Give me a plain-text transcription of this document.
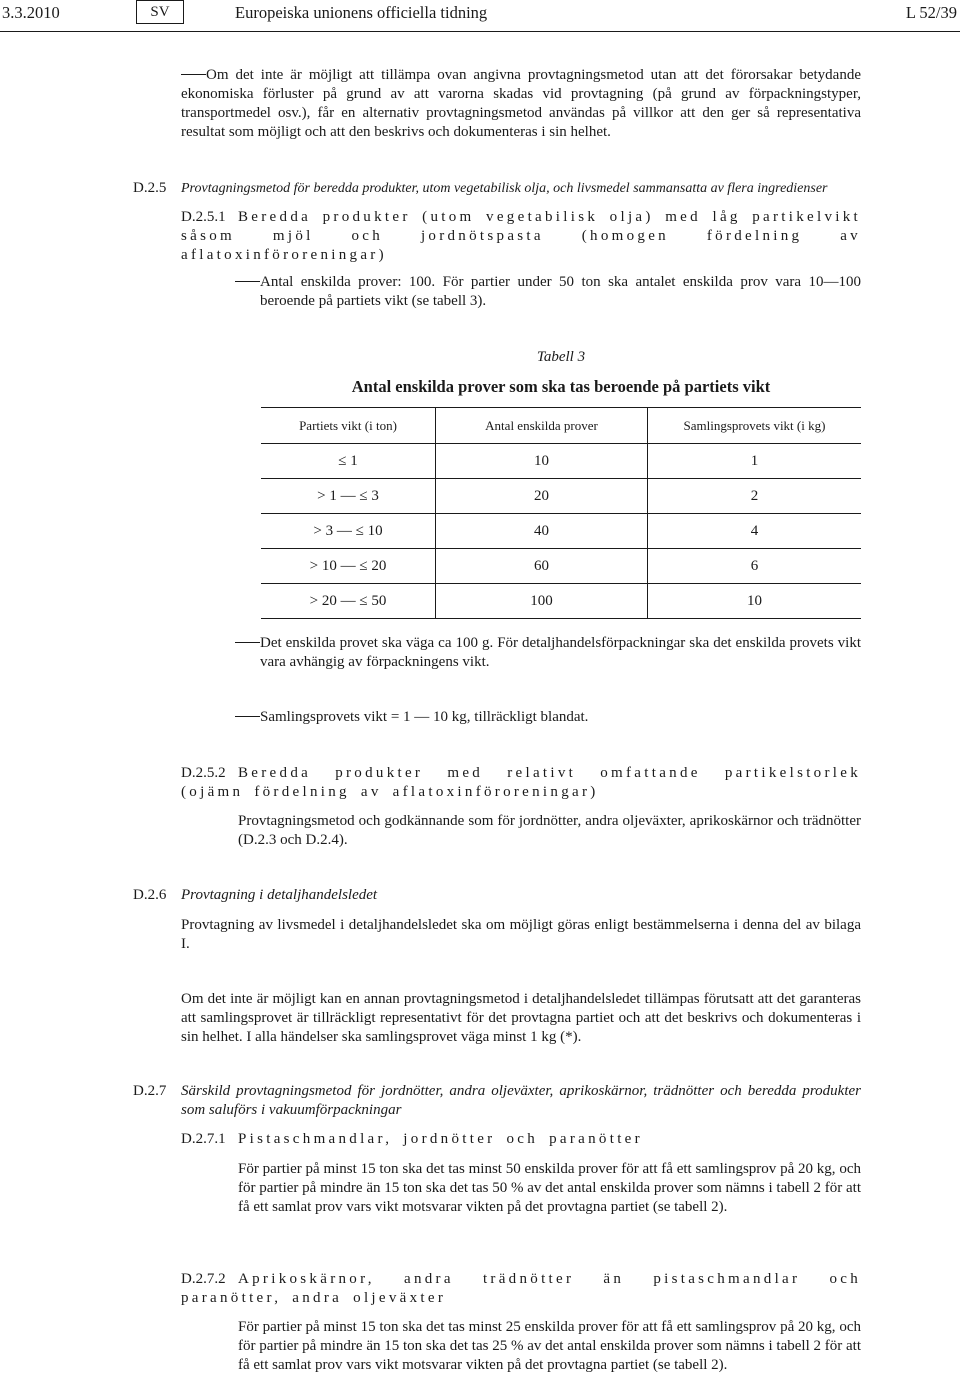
3.3.2010	SV	Europeiska unionens officiella tidning	L 52/39
Om det inte är möjligt att tillämpa ovan angivna provtagningsmetod utan att det förorsakar betydande ekonomiska förluster på grund av att varorna skadas vid provtagning (på grund av förpackningstyper, transportmedel osv.), får en alternativ provtagningsmetod användas på villkor att den ger så representativa resultat som möjligt och att den beskrivs och dokumenteras i sin helhet.
D.2.5 Provtagningsmetod för beredda produkter, utom vegetabilisk olja, och livsmedel sammansatta av flera ingredienser
D.2.5.1 Beredda produkter (utom vegetabilisk olja) med låg partikelvikt såsom mjöl och jordnötspasta (homogen fördelning av aflatoxinföroreningar)
Antal enskilda prover: 100. För partier under 50 ton ska antalet enskilda prov vara 10—100 beroende på partiets vikt (se tabell 3).
Tabell 3
Antal enskilda prover som ska tas beroende på partiets vikt
Partiets vikt (i ton)	Antal enskilda prover	Samlingsprovets vikt (i kg)
≤ 1	10	1
> 1 — ≤ 3	20	2
> 3 — ≤ 10	40	4
> 10 — ≤ 20	60	6
> 20 — ≤ 50	100	10
Det enskilda provet ska väga ca 100 g. För detaljhandelsförpackningar ska det enskilda provets vikt vara avhängig av förpackningens vikt.
Samlingsprovets vikt = 1 — 10 kg, tillräckligt blandat.
D.2.5.2 Beredda produkter med relativt omfattande partikelstorlek (ojämn fördelning av aflatoxinföroreningar)
Provtagningsmetod och godkännande som för jordnötter, andra oljeväxter, aprikoskärnor och trädnötter (D.2.3 och D.2.4).
D.2.6 Provtagning i detaljhandelsledet
Provtagning av livsmedel i detaljhandelsledet ska om möjligt göras enligt bestämmelserna i denna del av bilaga I.
Om det inte är möjligt kan en annan provtagningsmetod i detaljhandelsledet tillämpas förutsatt att det garanteras att samlingsprovet är tillräckligt representativt för det provtagna partiet och att det beskrivs och dokumenteras i sin helhet. I alla händelser ska samlingsprovet väga minst 1 kg (*).
D.2.7 Särskild provtagningsmetod för jordnötter, andra oljeväxter, aprikoskärnor, trädnötter och beredda produkter som saluförs i vakuumförpackningar
D.2.7.1 Pistaschmandlar, jordnötter och paranötter
För partier på minst 15 ton ska det tas minst 50 enskilda prover för att få ett samlingsprov på 20 kg, och för partier på mindre än 15 ton ska det tas 50 % av det antal enskilda prover som nämns i tabell 2 för att få ett samlat prov vars vikt motsvarar vikten på det provtagna partiet (se tabell 2).
D.2.7.2 Aprikoskärnor, andra trädnötter än pistaschmandlar och paranötter, andra oljeväxter
För partier på minst 15 ton ska det tas minst 25 enskilda prover för att få ett samlingsprov på 20 kg, och för partier på mindre än 15 ton ska det tas 25 % av det antal enskilda prover som nämns i tabell 2 för att få ett samlat prov vars vikt motsvarar vikten på det provtagna partiet (se tabell 2).
